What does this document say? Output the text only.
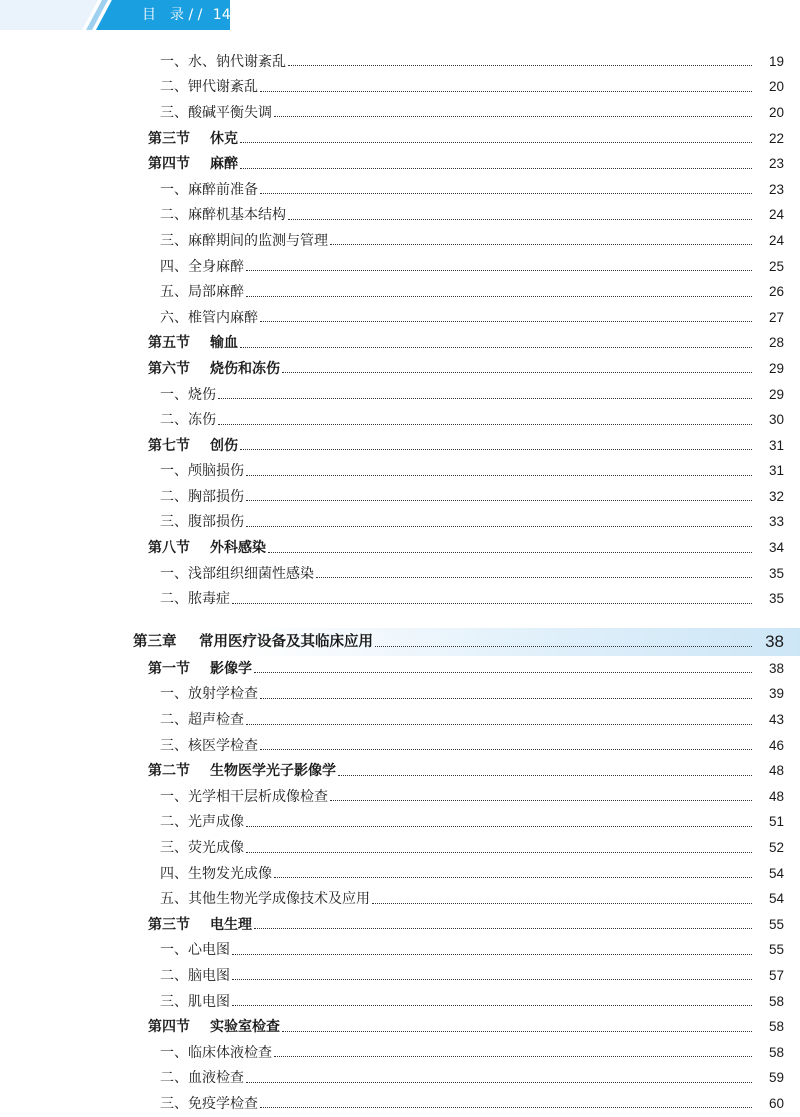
目　录 / / 14
一、水、钠代谢紊乱	19
二、钾代谢紊乱	20
三、酸碱平衡失调	20
第三节 休克	22
第四节 麻醉	23
一、麻醉前准备	23
二、麻醉机基本结构	24
三、麻醉期间的监测与管理	24
四、全身麻醉	25
五、局部麻醉	26
六、椎管内麻醉	27
第五节 输血	28
第六节 烧伤和冻伤	29
一、烧伤	29
二、冻伤	30
第七节 创伤	31
一、颅脑损伤	31
二、胸部损伤	32
三、腹部损伤	33
第八节 外科感染	34
一、浅部组织细菌性感染	35
二、脓毒症	35
第三章 常用医疗设备及其临床应用	38
第一节 影像学	38
一、放射学检查	39
二、超声检查	43
三、核医学检查	46
第二节 生物医学光子影像学	48
一、光学相干层析成像检查	48
二、光声成像	51
三、荧光成像	52
四、生物发光成像	54
五、其他生物光学成像技术及应用	54
第三节 电生理	55
一、心电图	55
二、脑电图	57
三、肌电图	58
第四节 实验室检查	58
一、临床体液检查	58
二、血液检查	59
三、免疫学检查	60
